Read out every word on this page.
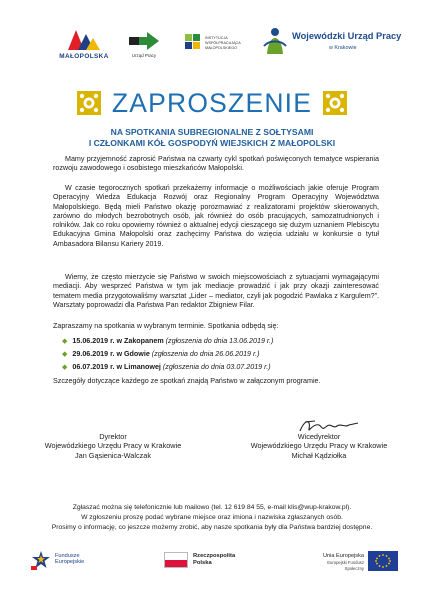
MAŁOPOLSKA	Urząd Pracy
INSTYTUCJA WSPÓŁPRACUJĄCA MAŁOPOLSKIEGO
Wojewódzki Urząd Pracy
w Krakowie
ZAPROSZENIE
NA SPOTKANIA SUBREGIONALNE Z SOŁTYSAMI
I CZŁONKAMI KÓŁ GOSPODYŃ WIEJSKICH Z MAŁOPOLSKI
Mamy przyjemność zaprosić Państwa na czwarty cykl spotkań poświęconych tematyce wspierania rozwoju zawodowego i osobistego mieszkańców Małopolski.
W czasie tegorocznych spotkań przekażemy informacje o możliwościach jakie oferuje Program Operacyjny Wiedza Edukacja Rozwój oraz Regionalny Program Operacyjny Województwa Małopolskiego. Będą mieli Państwo okazję porozmawiać z realizatorami projektów skierowanych, zarówno do młodych bezrobotnych osób, jak również do osób pracujących, samozatrudnionych i rolników. Jak co roku opowiemy również o aktualnej edycji cieszącego się dużym uznaniem Plebiscytu Edukacyjna Gmina Małopolski oraz zachęcimy Państwa do wzięcia udziału w konkursie o tytuł Ambasadora Bilansu Kariery 2019.
Wiemy, że często mierzycie się Państwo w swoich miejscowościach z sytuacjami wymagającymi mediacji. Aby wesprzeć Państwa w tym jak mediacje prowadzić i jak przy okazji zainteresować tematem media przygotowaliśmy warsztat „Lider – mediator, czyli jak pogodzić Pawlaka z Kargulem?”. Warsztaty poprowadzi dla Państwa Pan redaktor Zbigniew Filar.
Zapraszamy na spotkania w wybranym terminie. Spotkania odbędą się:
◆ 15.06.2019 r. w Zakopanem (zgłoszenia do dnia 13.06.2019 r.)
◆ 29.06.2019 r. w Gdowie (zgłoszenia do dnia 26.06.2019 r.)
◆ 06.07.2019 r. w Limanowej (zgłoszenia do dnia 03.07.2019 r.)
Szczegóły dotyczące każdego ze spotkań znajdą Państwo w załączonym programie.
Dyrektor
Wojewódzkiego Urzędu Pracy w Krakowie
Jan Gąsienica-Walczak
Wicedyrektor
Wojewódzkiego Urzędu Pracy w Krakowie
Michał Kądziołka
Zgłaszać można się telefonicznie lub mailowo (tel. 12 619 84 55, e-mail klis@wup-krakow.pl).
W zgłoszeniu proszę podać wybrane miejsce oraz imiona i nazwiska zgłaszanych osób.
Prosimy o informację, co jeszcze możemy zrobić, aby nasze spotkania były dla Państwa bardziej dostępne.
Fundusze Europejskie
Rzeczpospolita Polska
Unia Europejska
Europejski Fundusz Społeczny
